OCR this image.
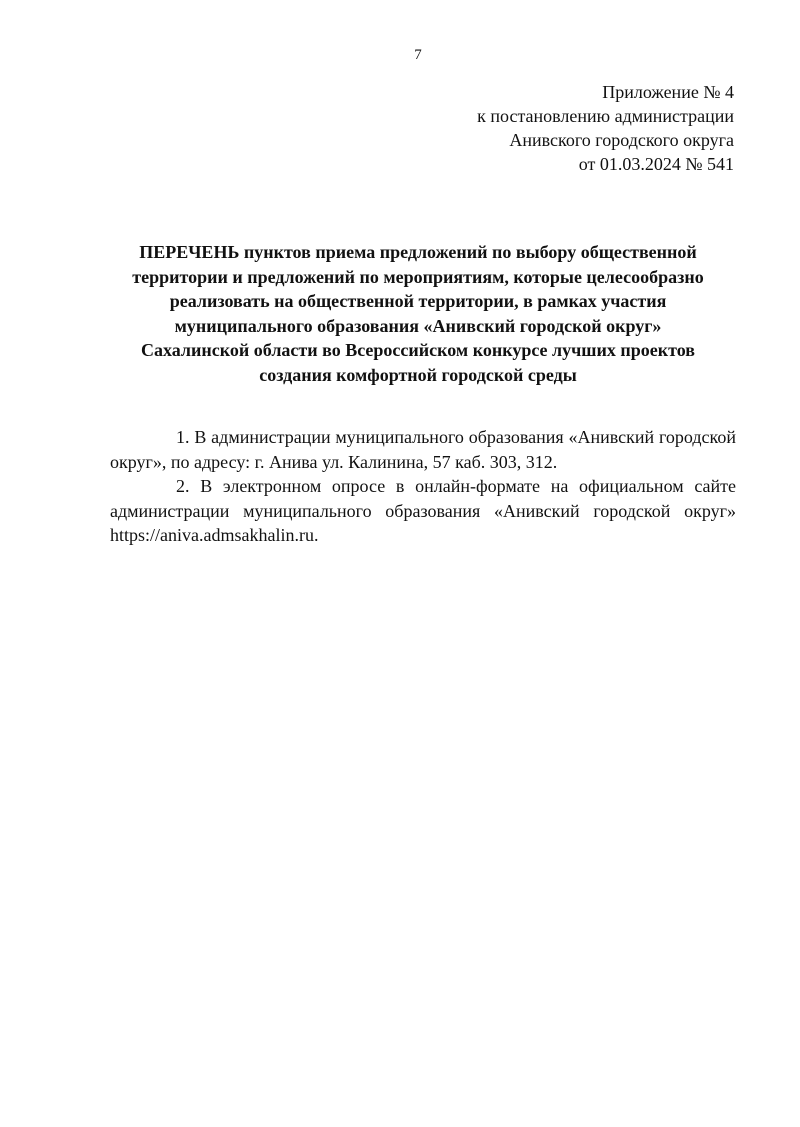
7
Приложение № 4
к постановлению администрации
Анивского городского округа
от 01.03.2024 № 541
ПЕРЕЧЕНЬ пунктов приема предложений по выбору общественной
территории и предложений по мероприятиям, которые целесообразно
реализовать на общественной территории, в рамках участия
муниципального образования «Анивский городской округ»
Сахалинской области во Всероссийском конкурсе лучших проектов
создания комфортной городской среды

1. В администрации муниципального образования «Анивский городской округ», по адресу: г. Анива ул. Калинина, 57 каб. 303, 312.

2. В электронном опросе в онлайн-формате на официальном сайте администрации муниципального образования «Анивский городской округ» https://aniva.admsakhalin.ru.
